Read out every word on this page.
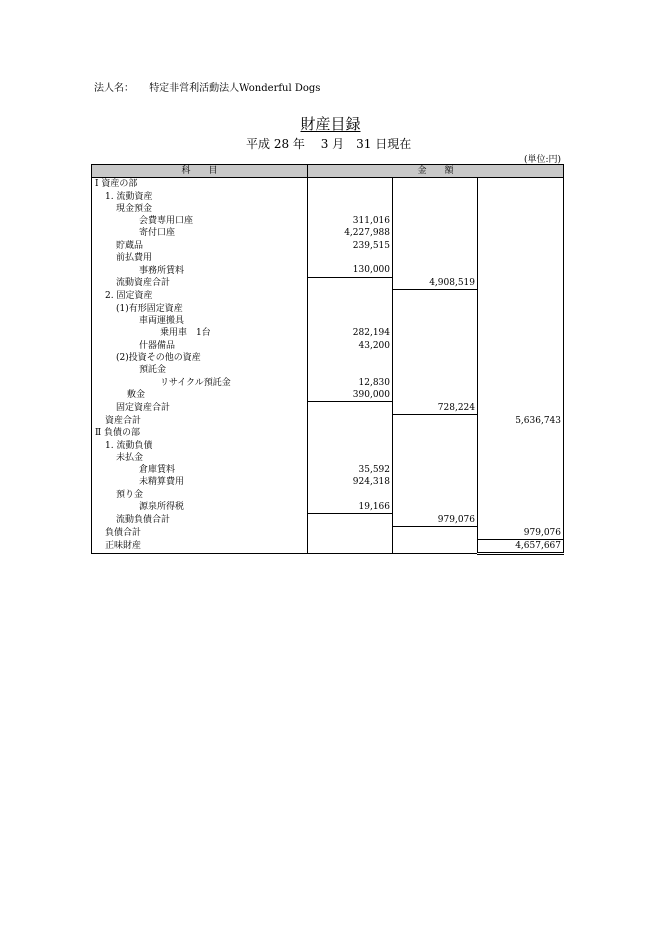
法人名： 特定非営利活動法人Wonderful Dogs
財産目録
平成 28 年　 3 月　31 日現在
(単位:円)
科　　目	金　　額		
Ⅰ 資産の部			
1. 流動資産			
現金預金			
会費専用口座	311,016		
寄付口座	4,227,988		
貯蔵品	239,515		
前払費用			
事務所賃料	130,000		
流動資産合計		4,908,519	
2. 固定資産			
(1)有形固定資産			
車両運搬具			
乗用車　1台	282,194		
什器備品	43,200		
(2)投資その他の資産			
預託金			
リサイクル預託金	12,830		
敷金	390,000		
固定資産合計		728,224	
資産合計			5,636,743
Ⅱ 負債の部			
1. 流動負債			
未払金			
倉庫賃料	35,592		
未精算費用	924,318		
預り金			
源泉所得税	19,166		
流動負債合計		979,076	
負債合計			979,076
正味財産			4,657,667
